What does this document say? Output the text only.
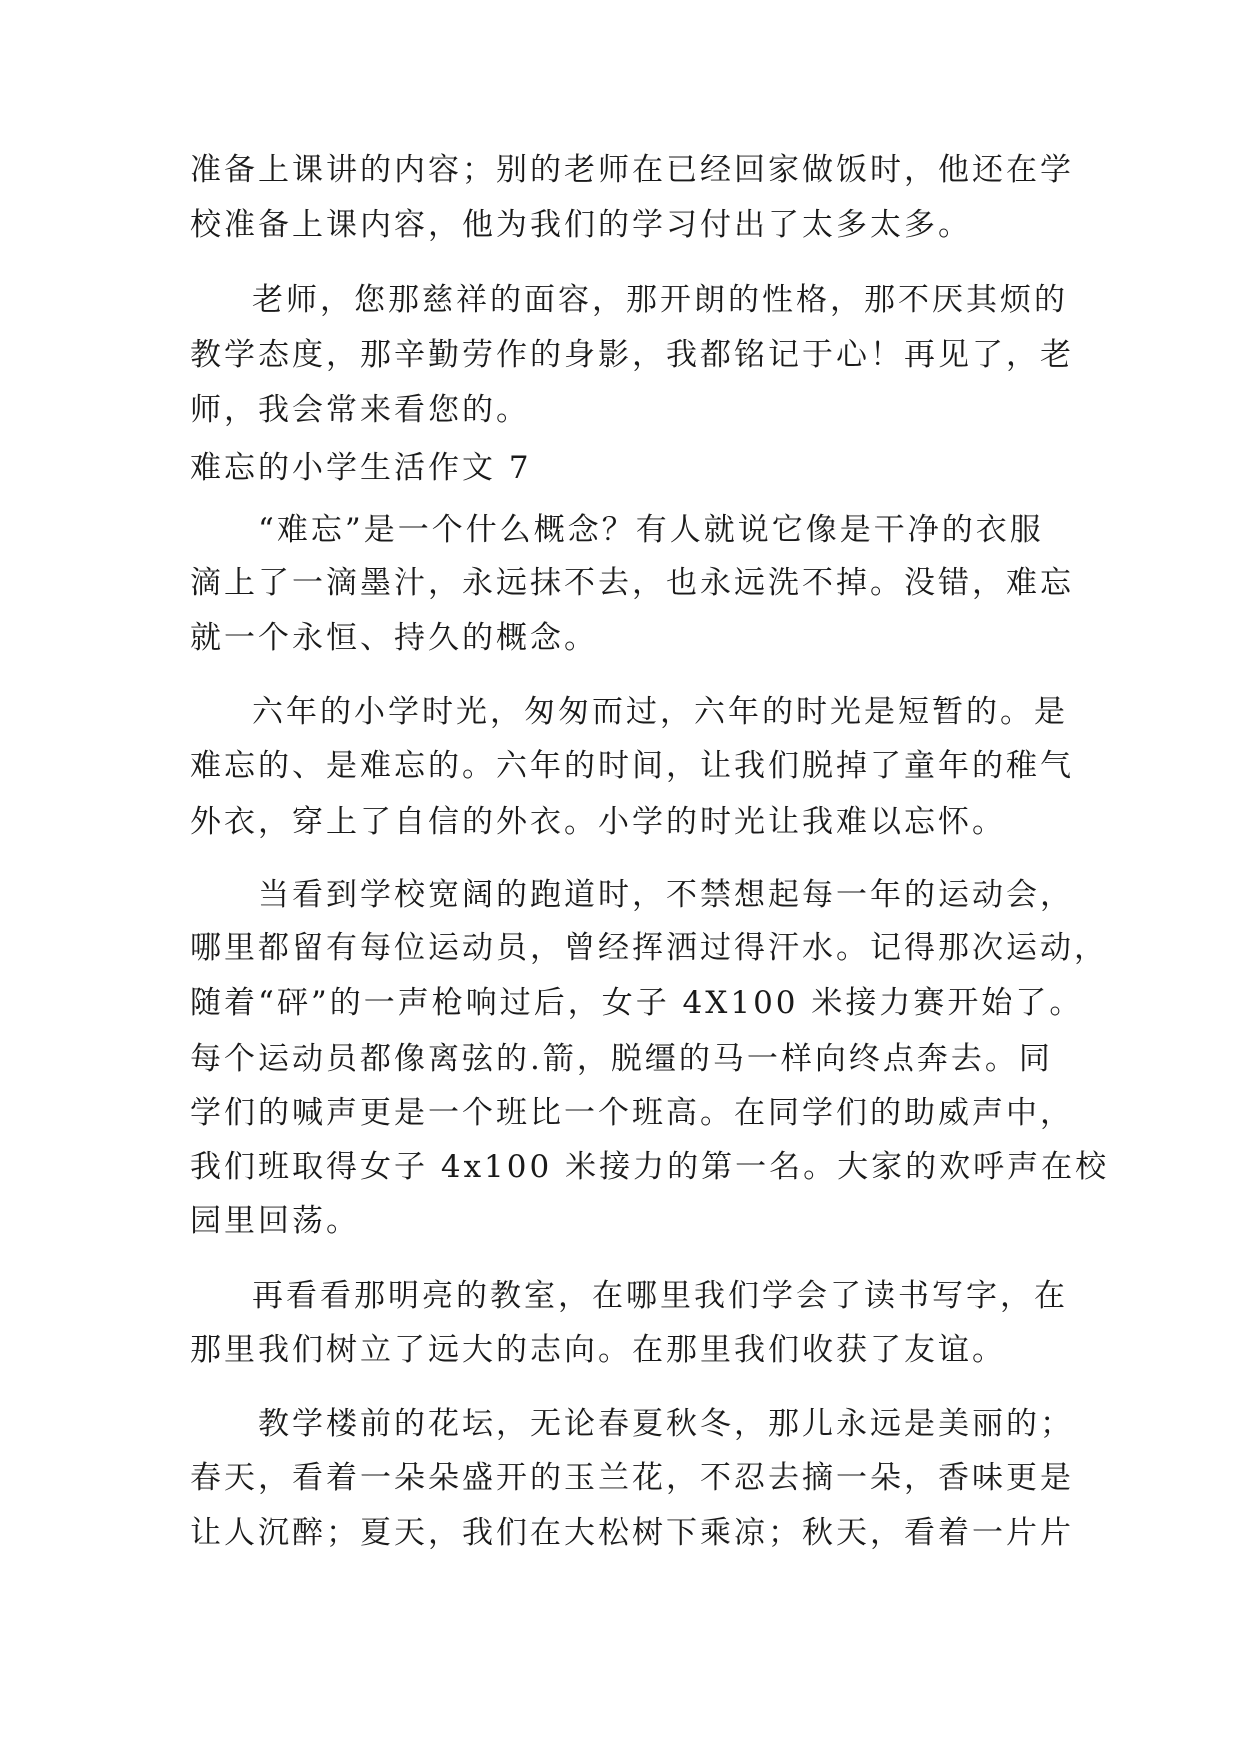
准备上课讲的内容；别的老师在已经回家做饭时，他还在学
校准备上课内容，他为我们的学习付出了太多太多。
老师，您那慈祥的面容，那开朗的性格，那不厌其烦的
教学态度，那辛勤劳作的身影，我都铭记于心！再见了，老
师，我会常来看您的。
难忘的小学生活作文 7
“难忘”是一个什么概念？有人就说它像是干净的衣服
滴上了一滴墨汁，永远抹不去，也永远洗不掉。没错，难忘
就一个永恒、持久的概念。
六年的小学时光，匆匆而过，六年的时光是短暂的。是
难忘的、是难忘的。六年的时间，让我们脱掉了童年的稚气
外衣，穿上了自信的外衣。小学的时光让我难以忘怀。
当看到学校宽阔的跑道时，不禁想起每一年的运动会，
哪里都留有每位运动员，曾经挥洒过得汗水。记得那次运动，
随着“砰”的一声枪响过后，女子 4X100 米接力赛开始了。
每个运动员都像离弦的.箭，脱缰的马一样向终点奔去。同
学们的喊声更是一个班比一个班高。在同学们的助威声中，
我们班取得女子 4x100 米接力的第一名。大家的欢呼声在校
园里回荡。
再看看那明亮的教室，在哪里我们学会了读书写字，在
那里我们树立了远大的志向。在那里我们收获了友谊。
教学楼前的花坛，无论春夏秋冬，那儿永远是美丽的；
春天，看着一朵朵盛开的玉兰花，不忍去摘一朵，香味更是
让人沉醉；夏天，我们在大松树下乘凉；秋天，看着一片片
